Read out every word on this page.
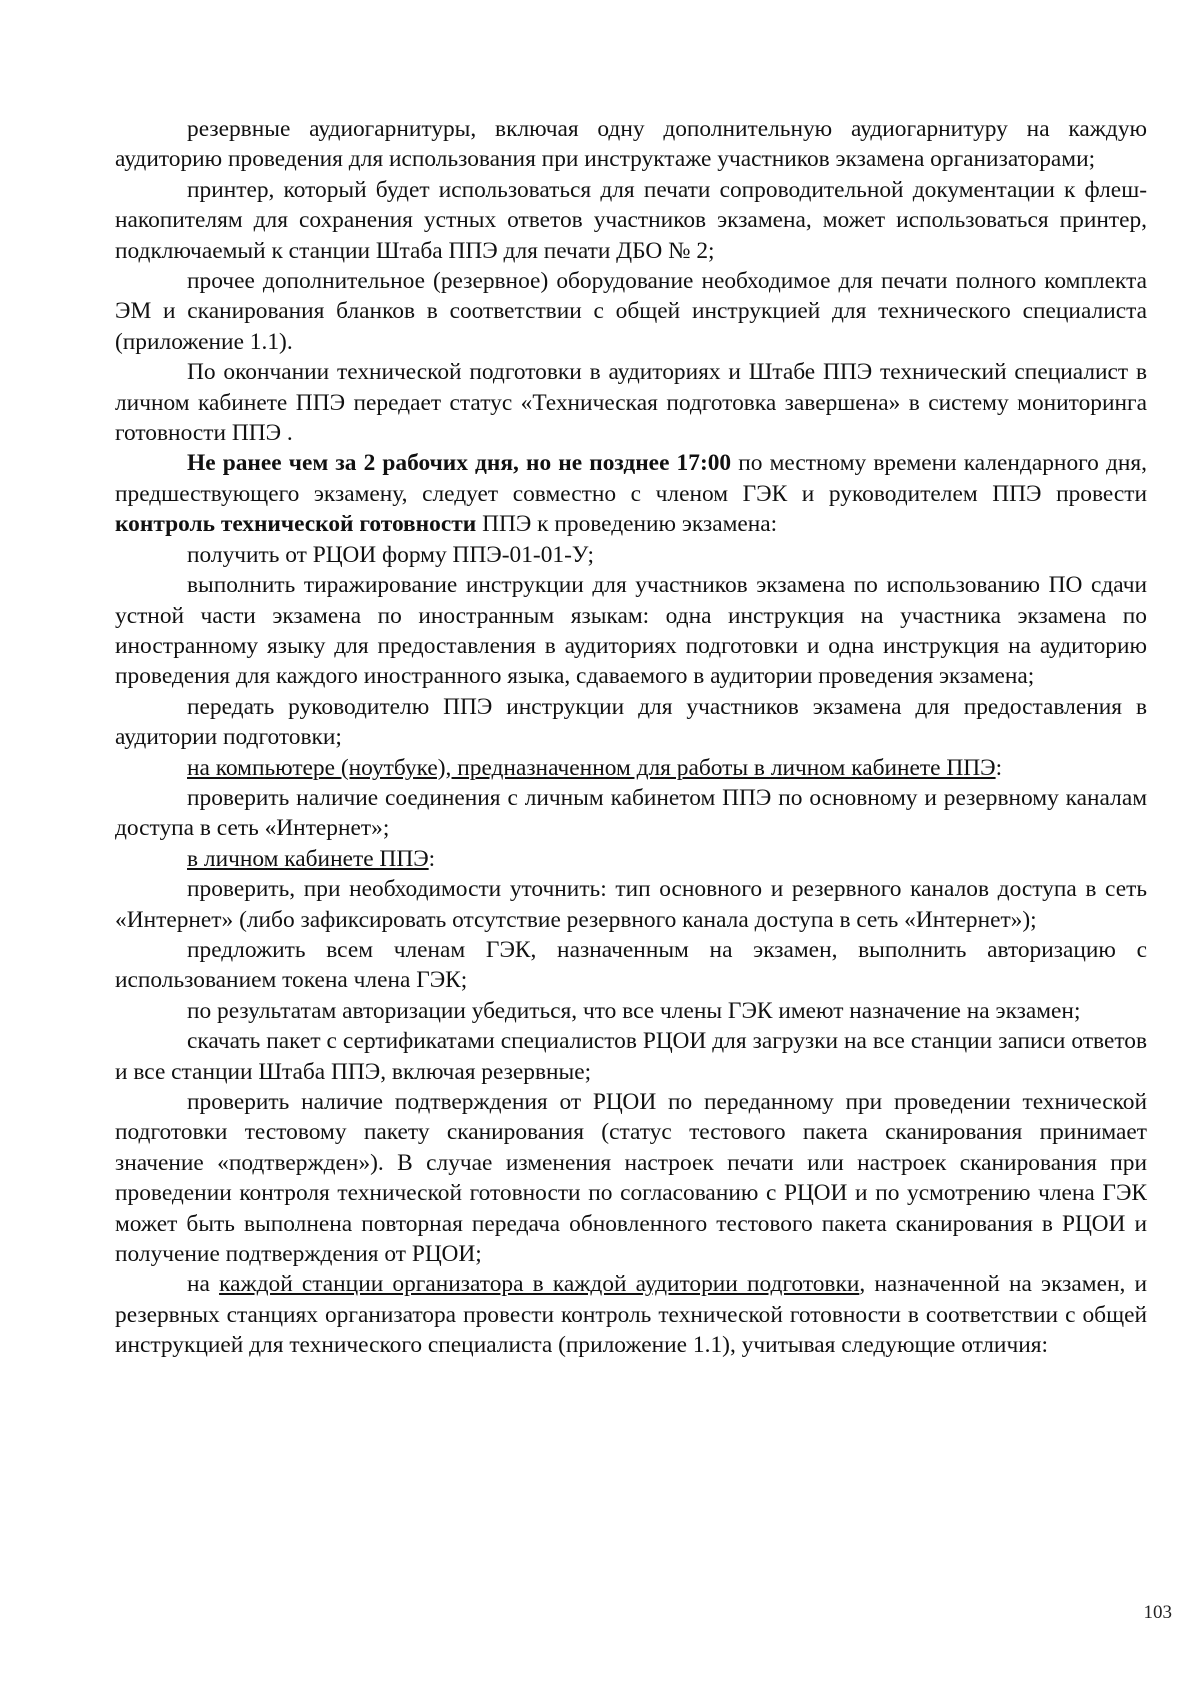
резервные аудиогарнитуры, включая одну дополнительную аудиогарнитуру на каждую аудиторию проведения для использования при инструктаже участников экзамена организаторами;

принтер, который будет использоваться для печати сопроводительной документации к флеш-накопителям для сохранения устных ответов участников экзамена, может использоваться принтер, подключаемый к станции Штаба ППЭ для печати ДБО № 2;

прочее дополнительное (резервное) оборудование необходимое для печати полного комплекта ЭМ и сканирования бланков в соответствии с общей инструкцией для технического специалиста (приложение 1.1).

По окончании технической подготовки в аудиториях и Штабе ППЭ технический специалист в личном кабинете ППЭ передает статус «Техническая подготовка завершена» в систему мониторинга готовности ППЭ .

Не ранее чем за 2 рабочих дня, но не позднее 17:00 по местному времени календарного дня, предшествующего экзамену, следует совместно с членом ГЭК и руководителем ППЭ провести контроль технической готовности ППЭ к проведению экзамена:

получить от РЦОИ форму ППЭ-01-01-У;

выполнить тиражирование инструкции для участников экзамена по использованию ПО сдачи устной части экзамена по иностранным языкам: одна инструкция на участника экзамена по иностранному языку для предоставления в аудиториях подготовки и одна инструкция на аудиторию проведения для каждого иностранного языка, сдаваемого в аудитории проведения экзамена;

передать руководителю ППЭ инструкции для участников экзамена для предоставления в аудитории подготовки;

на компьютере (ноутбуке), предназначенном для работы в личном кабинете ППЭ:

проверить наличие соединения с личным кабинетом ППЭ по основному и резервному каналам доступа в сеть «Интернет»;

в личном кабинете ППЭ:

проверить, при необходимости уточнить: тип основного и резервного каналов доступа в сеть «Интернет» (либо зафиксировать отсутствие резервного канала доступа в сеть «Интернет»);

предложить всем членам ГЭК, назначенным на экзамен, выполнить авторизацию с использованием токена члена ГЭК;

по результатам авторизации убедиться, что все члены ГЭК имеют назначение на экзамен;

скачать пакет с сертификатами специалистов РЦОИ для загрузки на все станции записи ответов и все станции Штаба ППЭ, включая резервные;

проверить наличие подтверждения от РЦОИ по переданному при проведении технической подготовки тестовому пакету сканирования (статус тестового пакета сканирования принимает значение «подтвержден»). В случае изменения настроек печати или настроек сканирования при проведении контроля технической готовности по согласованию с РЦОИ и по усмотрению члена ГЭК может быть выполнена повторная передача обновленного тестового пакета сканирования в РЦОИ и получение подтверждения от РЦОИ;

на каждой станции организатора в каждой аудитории подготовки, назначенной на экзамен, и резервных станциях организатора провести контроль технической готовности в соответствии с общей инструкцией для технического специалиста (приложение 1.1), учитывая следующие отличия:

103
